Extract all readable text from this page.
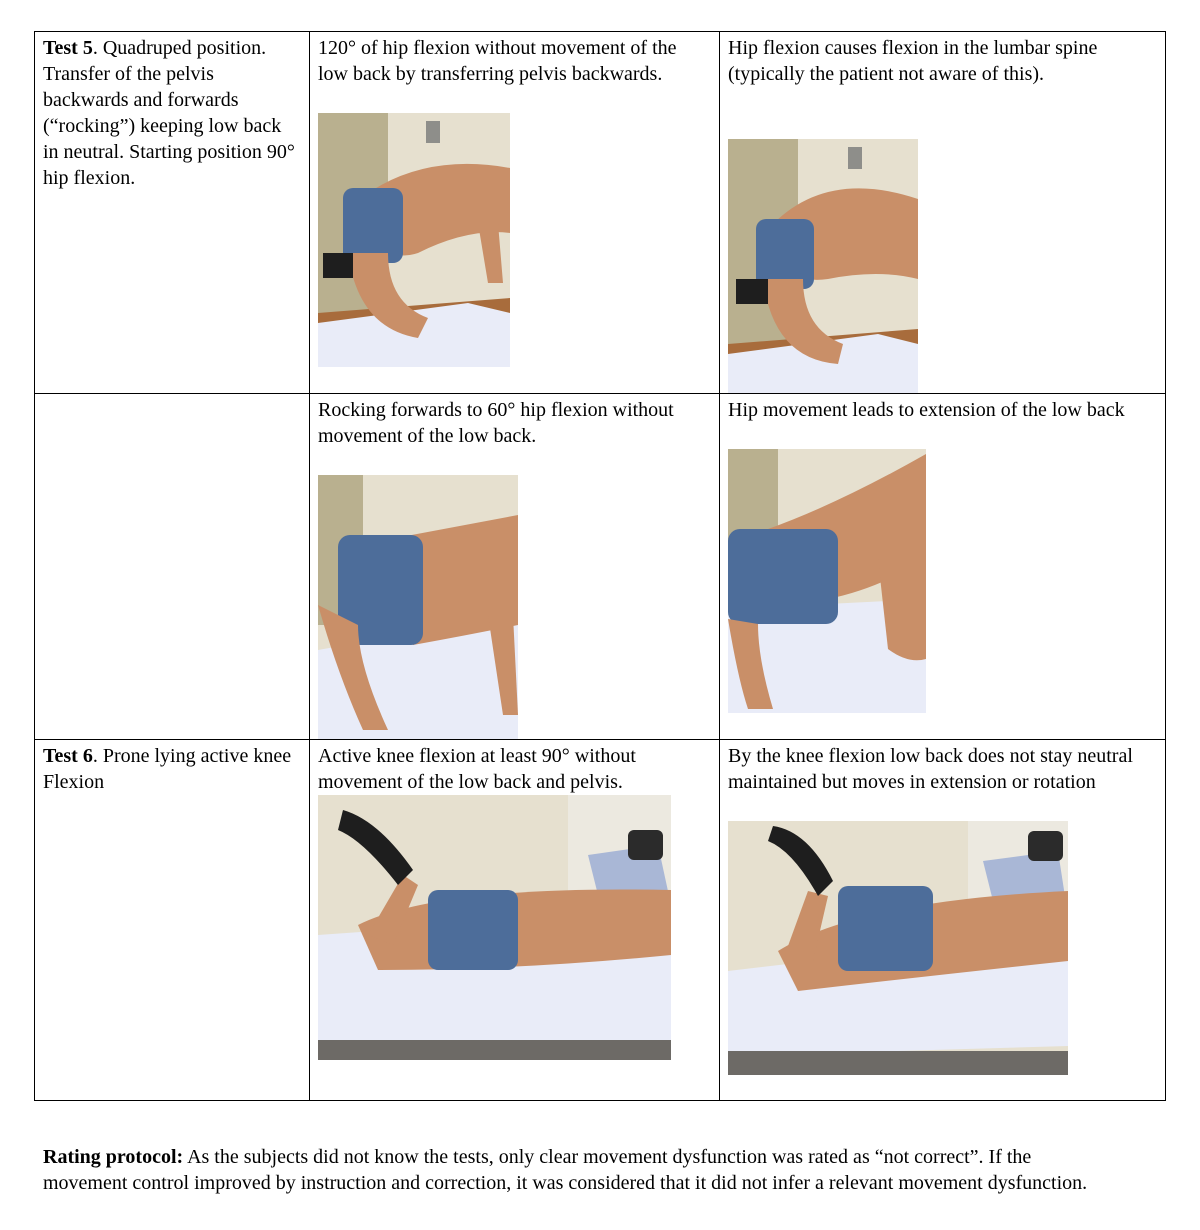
Test 5. Quadruped position. Transfer of the pelvis backwards and forwards (“rocking”) keeping low back in neutral. Starting position 90° hip flexion.	120° of hip flexion without movement of the low back by transferring pelvis backwards.	Hip flexion causes flexion in the lumbar spine (typically the patient not aware of this).

	Rocking forwards to 60° hip flexion without movement of the low back.	Hip movement leads to extension of the low back

Test 6. Prone lying active knee Flexion	Active knee flexion at least 90° without movement of the low back and pelvis.	By the knee flexion low back does not stay neutral maintained but moves in extension or rotation

Rating protocol: As the subjects did not know the tests, only clear movement dysfunction was rated as “not correct”. If the movement control improved by instruction and correction, it was considered that it did not infer a relevant movement dysfunction.
